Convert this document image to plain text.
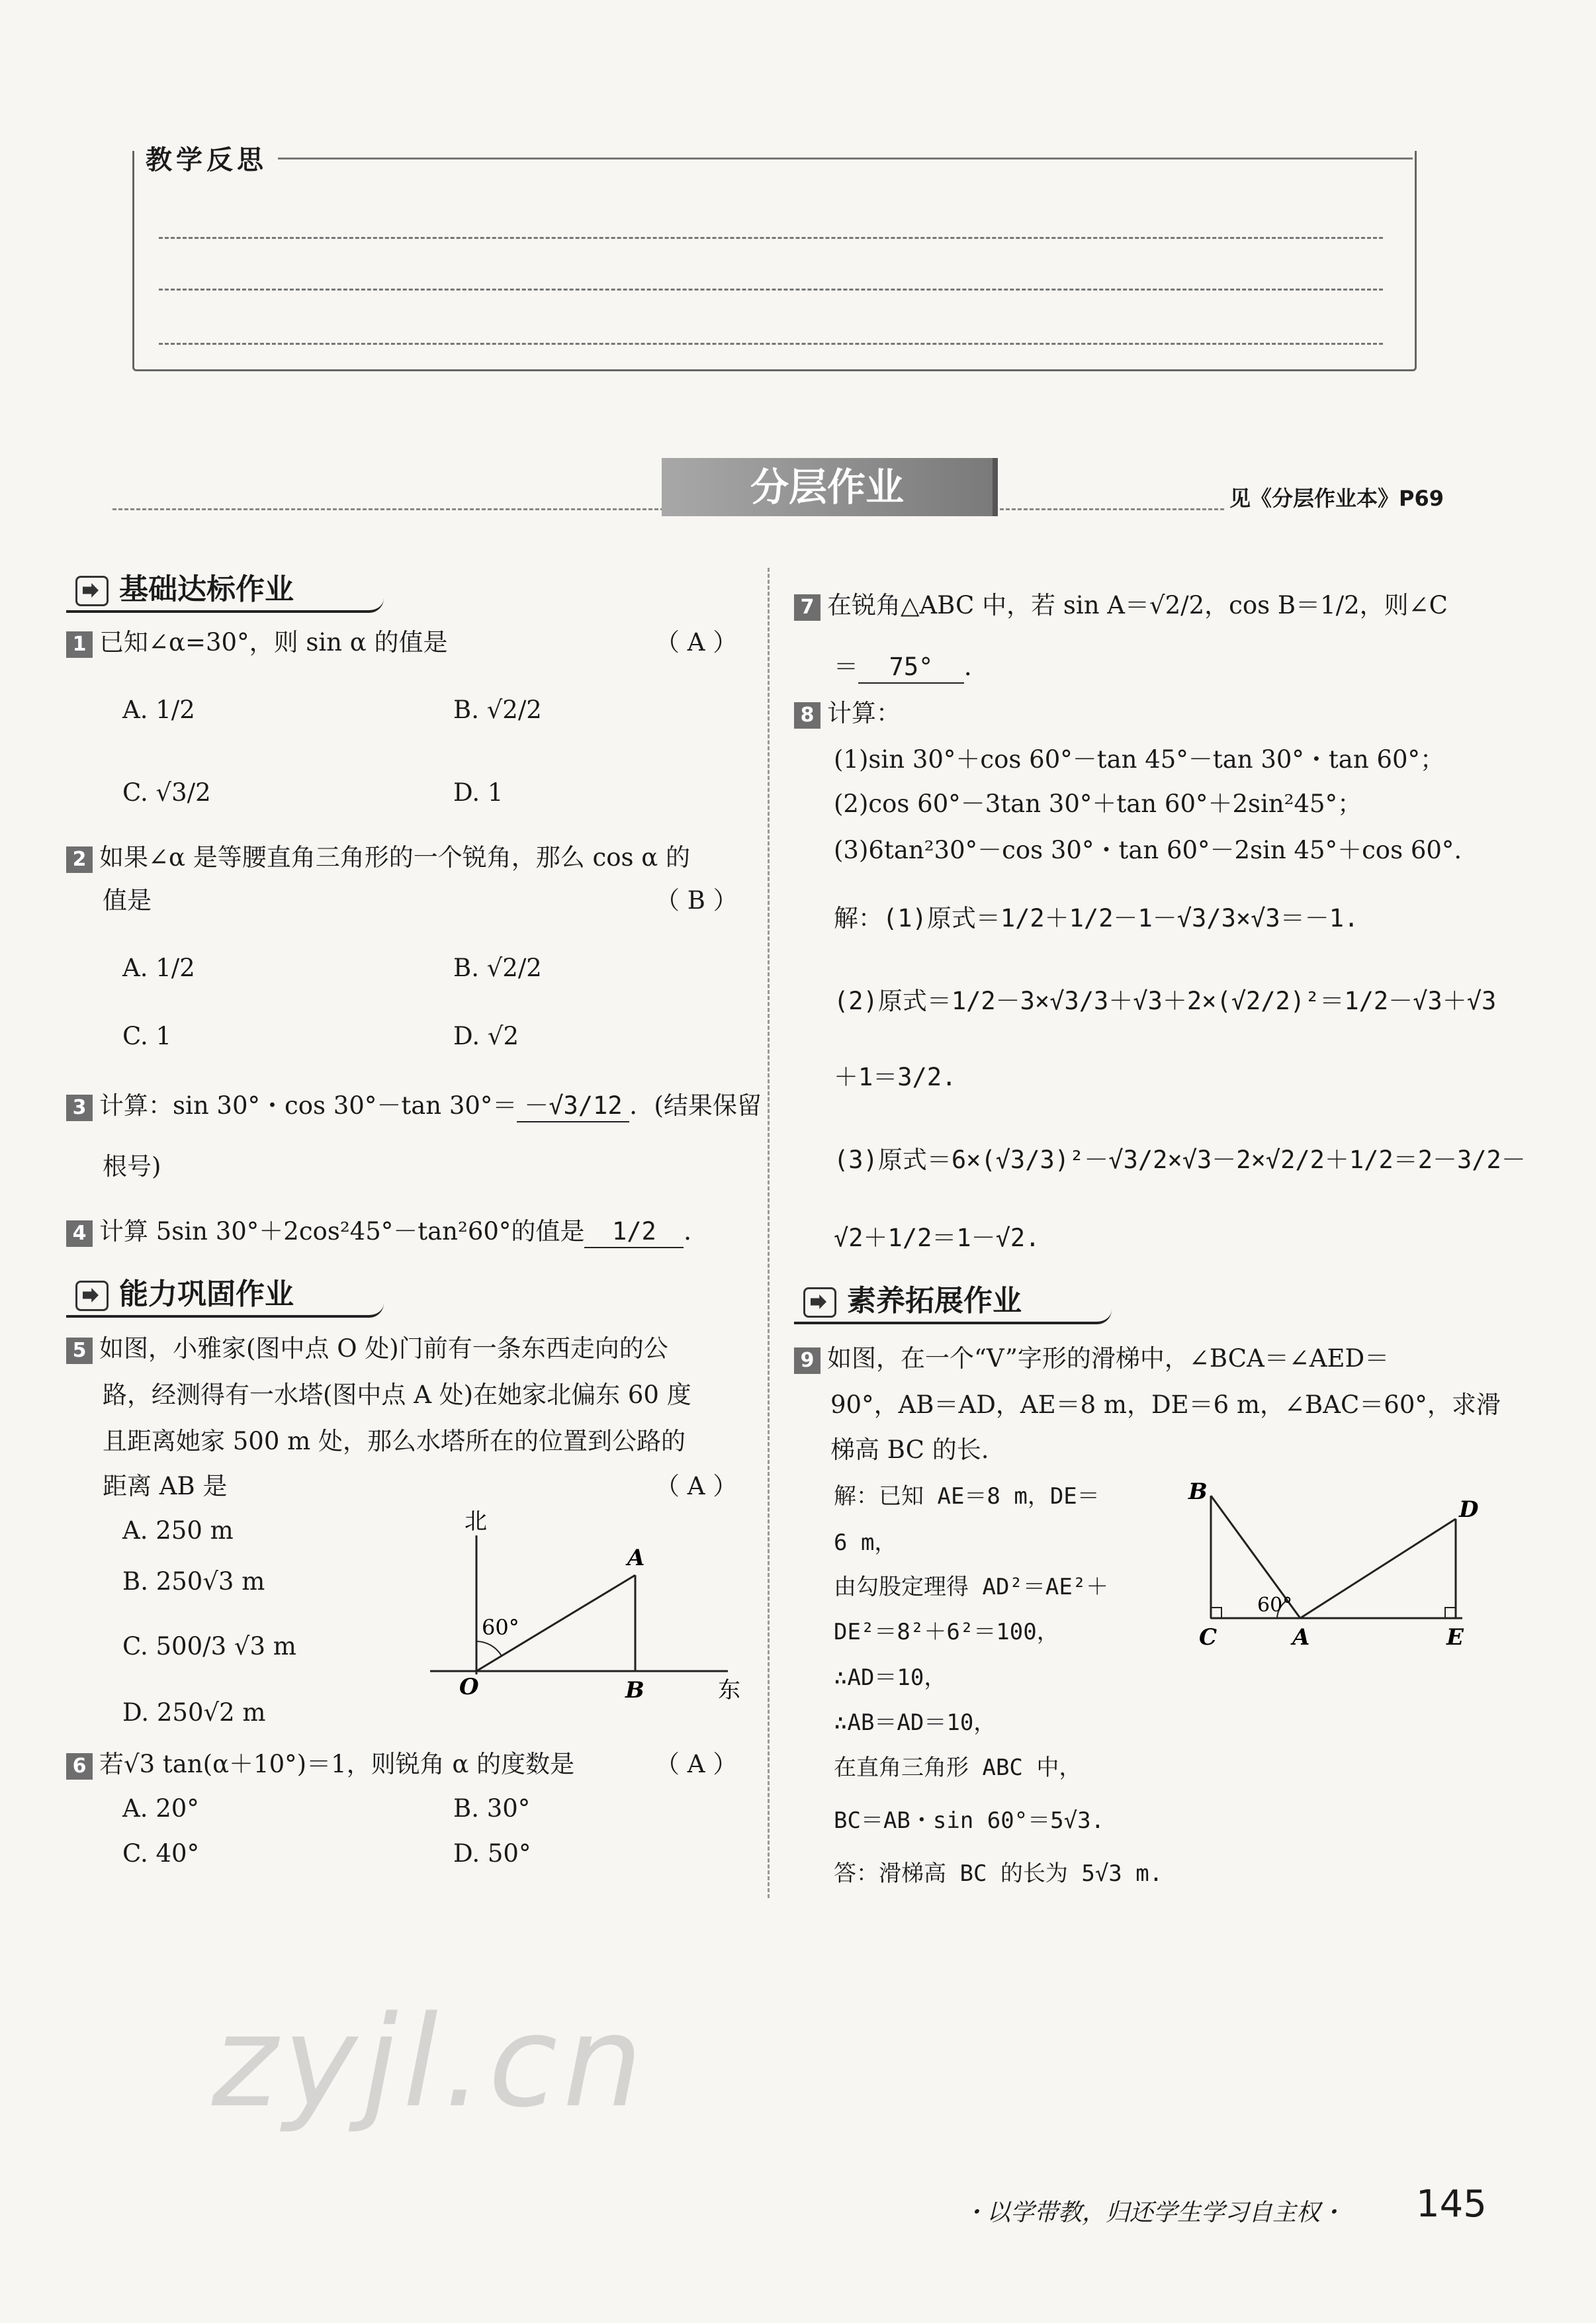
教学反思
分层作业	见《分层作业本》P69
基础达标作业
1 已知∠α=30°，则 sin α 的值是	（ A ）
A. 1/2	B. √2/2
C. √3/2	D. 1
2 如果∠α 是等腰直角三角形的一个锐角，那么 cos α 的
值是	（ B ）
A. 1/2	B. √2/2
C. 1	D. √2
3 计算：sin 30°・cos 30°－tan 30°＝ －√3/12 ．(结果保留
根号)
4 计算 5sin 30°＋2cos²45°－tan²60°的值是 1/2 ．
能力巩固作业
5 如图，小雅家(图中点 O 处)门前有一条东西走向的公
路，经测得有一水塔(图中点 A 处)在她家北偏东 60 度
且距离她家 500 m 处，那么水塔所在的位置到公路的
距离 AB 是	（ A ）
A. 250 m
B. 250√3 m
C. 500/3 √3 m
D. 250√2 m
北
60°
A
B
O	东
6 若√3 tan(α＋10°)＝1，则锐角 α 的度数是	（ A ）
A. 20°	B. 30°
C. 40°	D. 50°
7 在锐角△ABC 中，若 sin A＝√2/2，cos B＝1/2，则∠C
＝ 75° ．
8 计算：
(1)sin 30°＋cos 60°－tan 45°－tan 30°・tan 60°；
(2)cos 60°－3tan 30°＋tan 60°＋2sin²45°；
(3)6tan²30°－cos 30°・tan 60°－2sin 45°＋cos 60°.
解：(1)原式＝1/2＋1/2－1－√3/3×√3＝－1.
(2)原式＝1/2－3×√3/3＋√3＋2×(√2/2)²＝1/2－√3＋√3
＋1＝3/2.
(3)原式＝6×(√3/3)²－√3/2×√3－2×√2/2＋1/2＝2－3/2－
√2＋1/2＝1－√2.
素养拓展作业
9 如图，在一个“V”字形的滑梯中，∠BCA＝∠AED＝
90°，AB＝AD，AE＝8 m，DE＝6 m，∠BAC＝60°，求滑
梯高 BC 的长.
解：已知 AE＝8 m，DE＝
6 m，
由勾股定理得 AD²＝AE²＋
DE²＝8²＋6²＝100，
∴AD＝10，
∴AB＝AD＝10，
在直角三角形 ABC 中，
BC＝AB・sin 60°＝5√3.
答：滑梯高 BC 的长为 5√3 m.
B
D
60°
C	A	E
zyjl.cn
・以学带教，归还学生学习自主权・ 145
